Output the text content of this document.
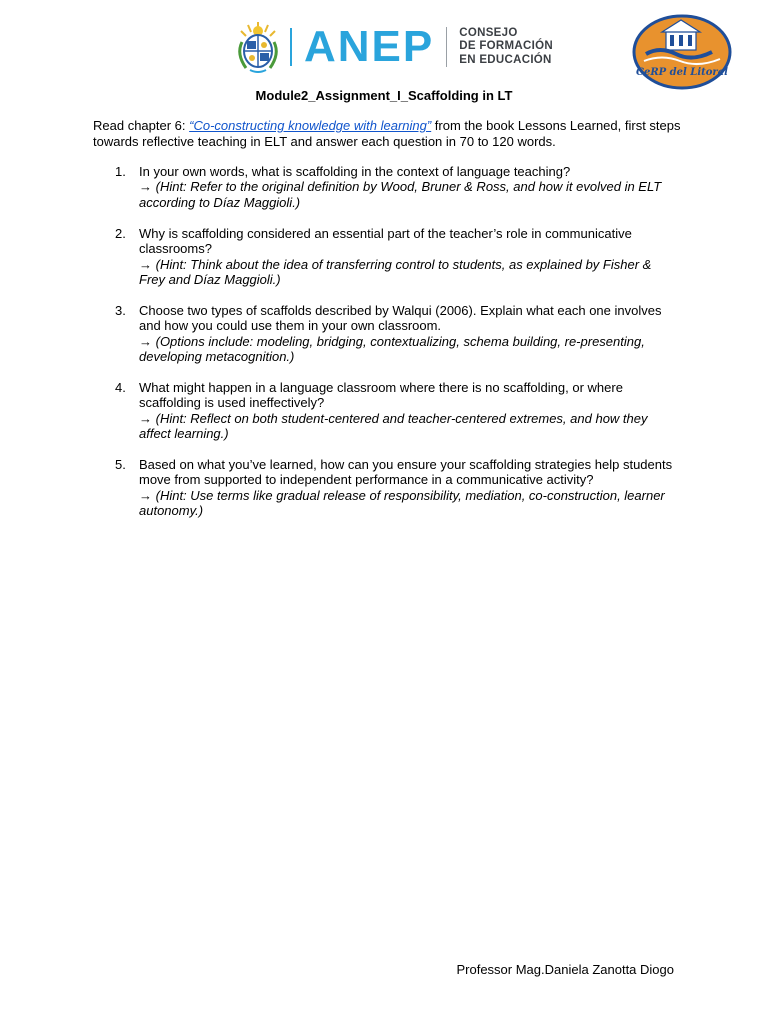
ANEP CONSEJO
DE FORMACIÓN
EN EDUCACIÓN
CeRP del Litoral
Module2_Assignment_I_Scaffolding in LT
Read chapter 6: “Co-constructing knowledge with learning” from the book Lessons Learned, first steps towards reflective teaching in ELT and answer each question in 70 to 120 words.
1.	In your own words, what is scaffolding in the context of language teaching?
→ (Hint: Refer to the original definition by Wood, Bruner & Ross, and how it evolved in ELT according to Díaz Maggioli.)
2.	Why is scaffolding considered an essential part of the teacher’s role in communicative classrooms?
→ (Hint: Think about the idea of transferring control to students, as explained by Fisher & Frey and Díaz Maggioli.)
3.	Choose two types of scaffolds described by Walqui (2006). Explain what each one involves and how you could use them in your own classroom.
→ (Options include: modeling, bridging, contextualizing, schema building, re-presenting, developing metacognition.)
4.	What might happen in a language classroom where there is no scaffolding, or where scaffolding is used ineffectively?
→ (Hint: Reflect on both student-centered and teacher-centered extremes, and how they affect learning.)
5.	Based on what you’ve learned, how can you ensure your scaffolding strategies help students move from supported to independent performance in a communicative activity?
→ (Hint: Use terms like gradual release of responsibility, mediation, co-construction, learner autonomy.)
Professor Mag.Daniela Zanotta Diogo
